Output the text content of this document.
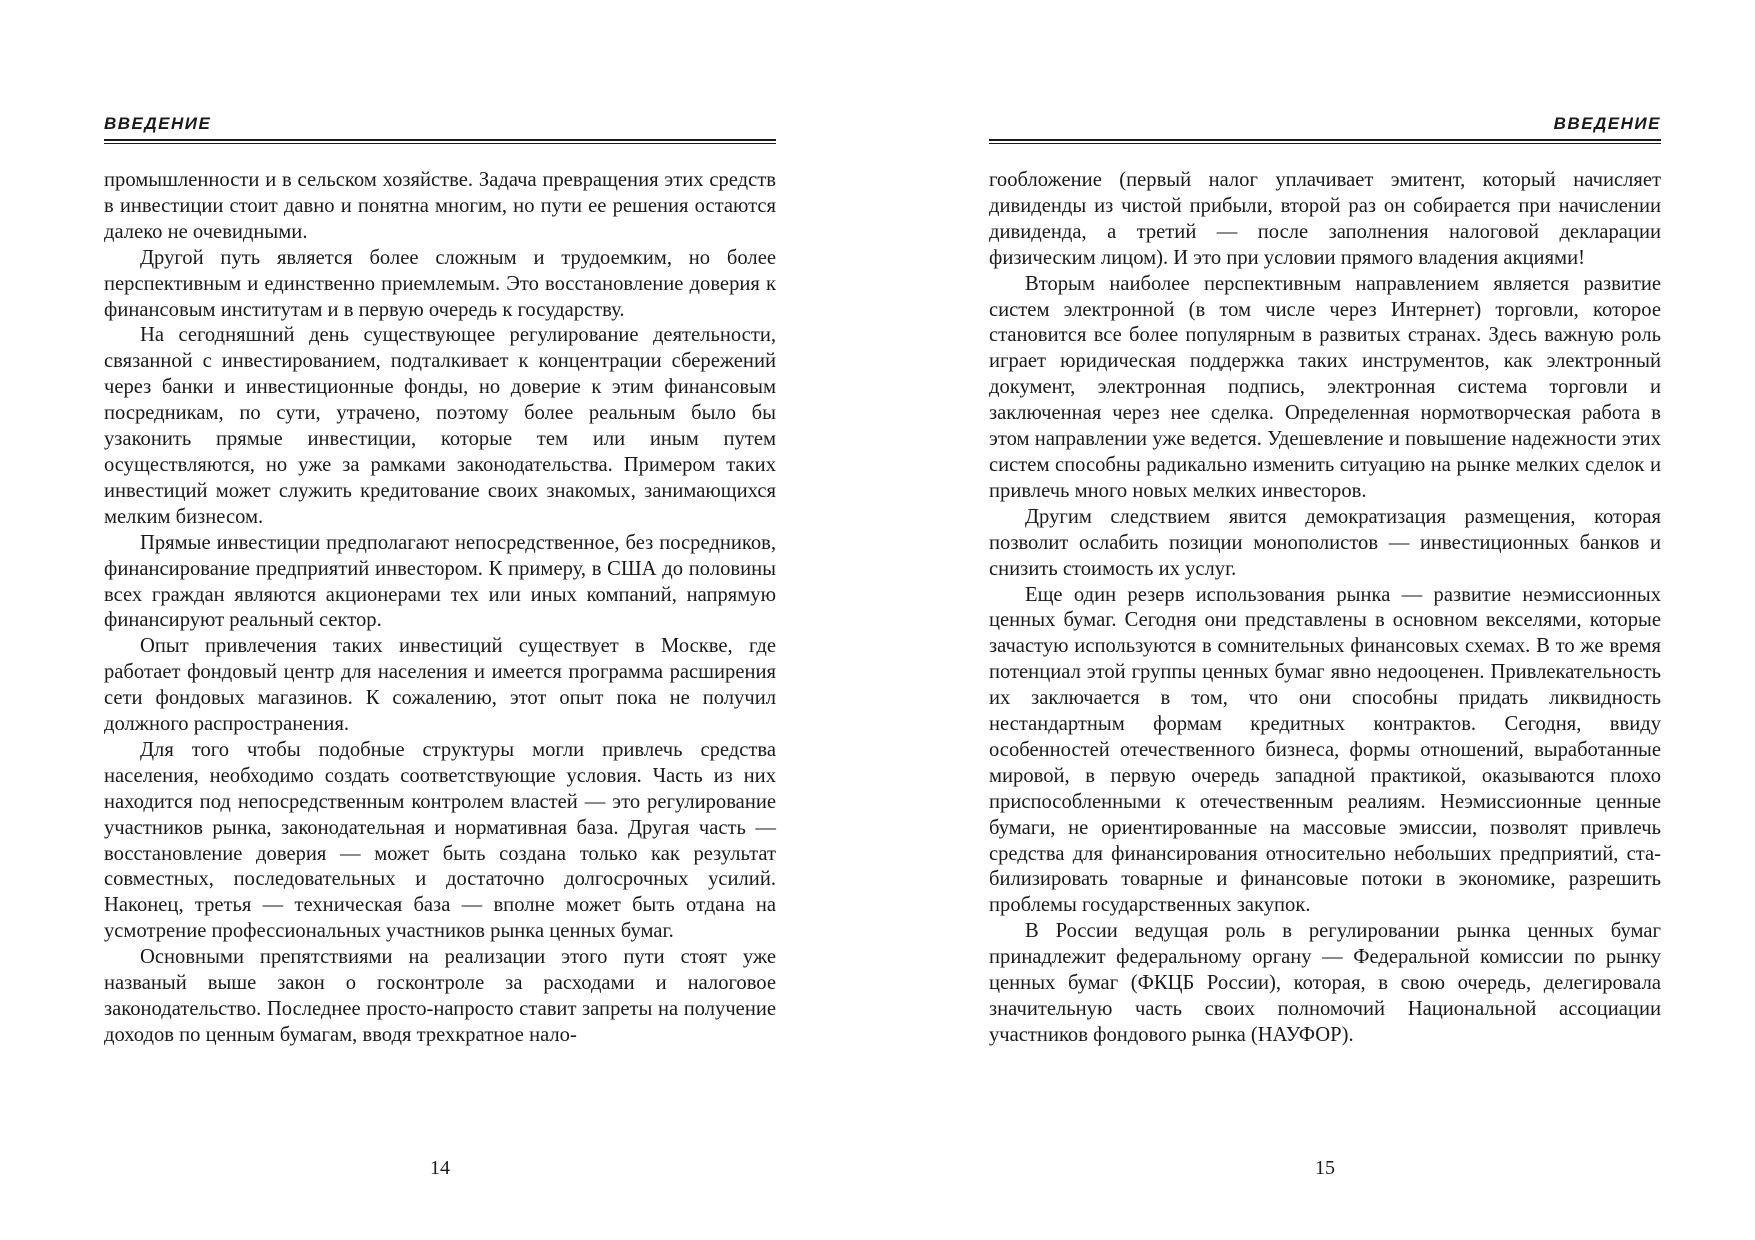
ВВЕДЕНИЕ

промышленности и в сельском хозяйстве. Задача превращения этих средств в инвестиции стоит давно и понятна многим, но пути ее решения остаются далеко не очевидными.

Другой путь является более сложным и трудоемким, но более перспективным и единственно приемлемым. Это восстановление доверия к финансовым институтам и в первую очередь к государству.

На сегодняшний день существующее регулирование деятельности, связанной с инвестированием, подталкивает к концентрации сбережений через банки и инвестиционные фонды, но доверие к этим финансовым посредникам, по сути, утрачено, поэтому более реальным было бы узаконить прямые инвестиции, которые тем или иным путем осуществляются, но уже за рамками законодательства. Примером таких инвестиций может служить кредитование своих знакомых, занимающихся мелким бизнесом.

Прямые инвестиции предполагают непосредственное, без посредников, финансирование предприятий инвестором. К примеру, в США до половины всех граждан являются акционерами тех или иных компаний, напрямую финансируют реальный сектор.

Опыт привлечения таких инвестиций существует в Москве, где работает фондовый центр для населения и имеется программа расширения сети фондовых магазинов. К сожалению, этот опыт пока не получил должного распространения.

Для того чтобы подобные структуры могли привлечь средства населения, необходимо создать соответствующие условия. Часть из них находится под непосредственным контролем властей — это регулирование участников рынка, законодательная и нормативная база. Другая часть — восстановление доверия — может быть создана только как результат совместных, последовательных и достаточно долгосрочных усилий. Наконец, третья — техническая база — вполне может быть отдана на усмотрение профессиональных участников рынка ценных бумаг.

Основными препятствиями на реализации этого пути стоят уже названый выше закон о госконтроле за расходами и налоговое законодательство. Последнее просто-напросто ставит запреты на получение доходов по ценным бумагам, вводя трехкратное нало-

14
ВВЕДЕНИЕ

гообложение (первый налог уплачивает эмитент, который начисляет дивиденды из чистой прибыли, второй раз он собирается при начислении дивиденда, а третий — после заполнения налоговой декларации физическим лицом). И это при условии прямого владения акциями!

Вторым наиболее перспективным направлением является развитие систем электронной (в том числе через Интернет) торговли, которое становится все более популярным в развитых странах. Здесь важную роль играет юридическая поддержка таких инструментов, как электронный документ, электронная подпись, электронная система торговли и заключенная через нее сделка. Определенная нормотворческая работа в этом направлении уже ведется. Удешевление и повышение надежности этих систем способны радикально изменить ситуацию на рынке мелких сделок и привлечь много новых мелких инвесторов.

Другим следствием явится демократизация размещения, которая позволит ослабить позиции монополистов — инвестиционных банков и снизить стоимость их услуг.

Еще один резерв использования рынка — развитие неэмиссионных ценных бумаг. Сегодня они представлены в основном векселями, которые зачастую используются в сомнительных финансовых схемах. В то же время потенциал этой группы ценных бумаг явно недооценен. Привлекательность их заключается в том, что они способны придать ликвидность нестандартным формам кредитных контрактов. Сегодня, ввиду особенностей отечественного бизнеса, формы отношений, выработанные мировой, в первую очередь западной практикой, оказываются плохо приспособленными к отечественным реалиям. Неэмиссионные ценные бумаги, не ориентированные на массовые эмиссии, позволят привлечь средства для финансирования относительно небольших предприятий, стабилизировать товарные и финансовые потоки в экономике, разрешить проблемы государственных закупок.

В России ведущая роль в регулировании рынка ценных бумаг принадлежит федеральному органу — Федеральной комиссии по рынку ценных бумаг (ФКЦБ России), которая, в свою очередь, делегировала значительную часть своих полномочий Национальной ассоциации участников фондового рынка (НАУФОР).

15
